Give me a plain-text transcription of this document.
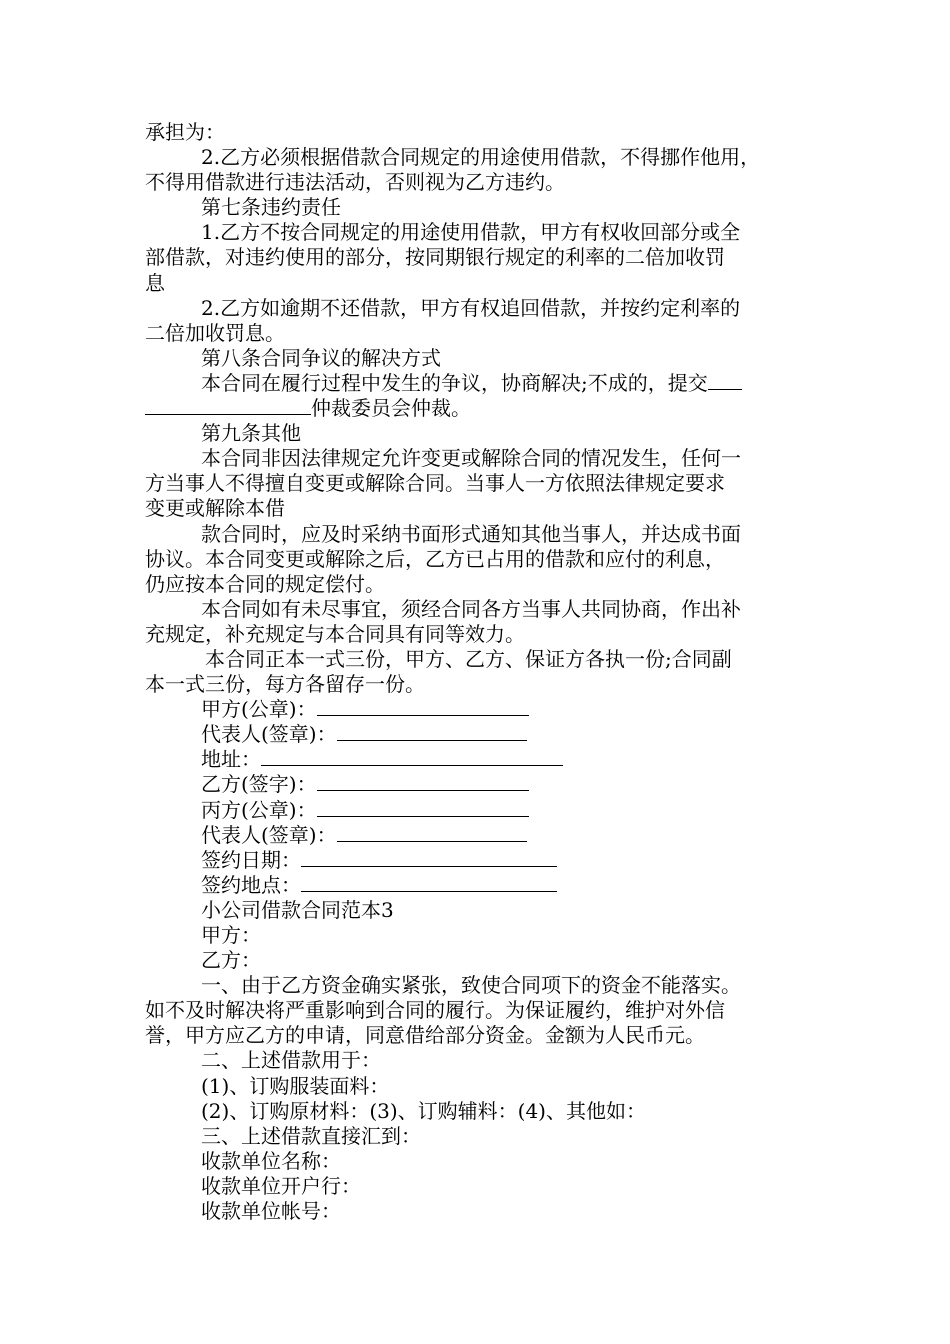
承担为：
2.乙方必须根据借款合同规定的用途使用借款，不得挪作他用，
不得用借款进行违法活动，否则视为乙方违约。
第七条违约责任
1.乙方不按合同规定的用途使用借款，甲方有权收回部分或全
部借款，对违约使用的部分，按同期银行规定的利率的二倍加收罚
息
2.乙方如逾期不还借款，甲方有权追回借款，并按约定利率的
二倍加收罚息。
第八条合同争议的解决方式
本合同在履行过程中发生的争议，协商解决;不成的，提交
仲裁委员会仲裁。
第九条其他
本合同非因法律规定允许变更或解除合同的情况发生，任何一
方当事人不得擅自变更或解除合同。当事人一方依照法律规定要求
变更或解除本借
款合同时，应及时采纳书面形式通知其他当事人，并达成书面
协议。本合同变更或解除之后，乙方已占用的借款和应付的利息，
仍应按本合同的规定偿付。
本合同如有未尽事宜，须经合同各方当事人共同协商，作出补
充规定，补充规定与本合同具有同等效力。
本合同正本一式三份，甲方、乙方、保证方各执一份;合同副
本一式三份，每方各留存一份。
甲方(公章)：
代表人(签章)：
地址：
乙方(签字)：
丙方(公章)：
代表人(签章)：
签约日期：
签约地点：
小公司借款合同范本3
甲方：
乙方：
一、由于乙方资金确实紧张，致使合同项下的资金不能落实。
如不及时解决将严重影响到合同的履行。为保证履约，维护对外信
誉，甲方应乙方的申请，同意借给部分资金。金额为人民币元。
二、上述借款用于：
(1)、订购服装面料：
(2)、订购原材料：(3)、订购辅料：(4)、其他如：
三、上述借款直接汇到：
收款单位名称：
收款单位开户行：
收款单位帐号：
